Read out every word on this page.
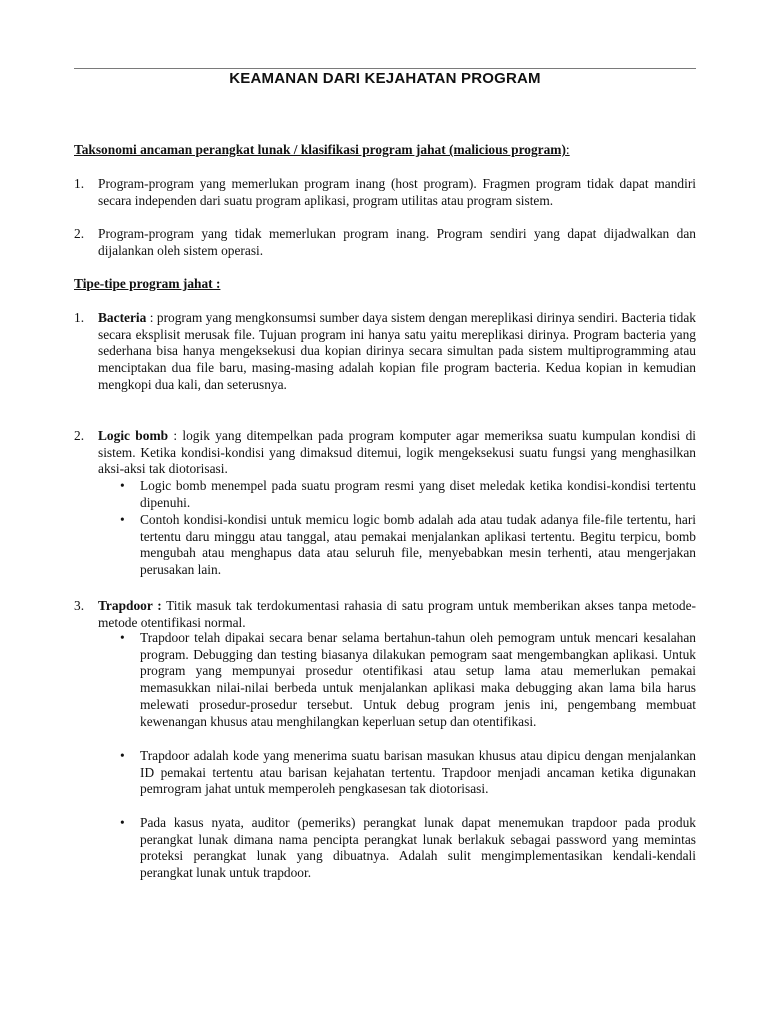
KEAMANAN DARI KEJAHATAN PROGRAM
Taksonomi ancaman perangkat lunak / klasifikasi program jahat (malicious program):
1. Program-program yang memerlukan program inang (host program). Fragmen program tidak dapat mandiri secara independen dari suatu program aplikasi, program utilitas atau program sistem.
2. Program-program yang tidak memerlukan program inang. Program sendiri yang dapat dijadwalkan dan dijalankan oleh sistem operasi.
Tipe-tipe program jahat :
1. Bacteria : program yang mengkonsumsi sumber daya sistem dengan mereplikasi dirinya sendiri. Bacteria tidak secara eksplisit merusak file. Tujuan program ini hanya satu yaitu mereplikasi dirinya. Program bacteria yang sederhana bisa hanya mengeksekusi dua kopian dirinya secara simultan pada sistem multiprogramming atau menciptakan dua file baru, masing-masing adalah kopian file program bacteria. Kedua kopian in kemudian mengkopi dua kali, dan seterusnya.
2. Logic bomb : logik yang ditempelkan pada program komputer agar memeriksa suatu kumpulan kondisi di sistem. Ketika kondisi-kondisi yang dimaksud ditemui, logik mengeksekusi suatu fungsi yang menghasilkan aksi-aksi tak diotorisasi.
• Logic bomb menempel pada suatu program resmi yang diset meledak ketika kondisi-kondisi tertentu dipenuhi.
• Contoh kondisi-kondisi untuk memicu logic bomb adalah ada atau tudak adanya file-file tertentu, hari tertentu daru minggu atau tanggal, atau pemakai menjalankan aplikasi tertentu. Begitu terpicu, bomb mengubah atau menghapus data atau seluruh file, menyebabkan mesin terhenti, atau mengerjakan perusakan lain.
3. Trapdoor : Titik masuk tak terdokumentasi rahasia di satu program untuk memberikan akses tanpa metode-metode otentifikasi normal.
• Trapdoor telah dipakai secara benar selama bertahun-tahun oleh pemogram untuk mencari kesalahan program. Debugging dan testing biasanya dilakukan pemogram saat mengembangkan aplikasi. Untuk program yang mempunyai prosedur otentifikasi atau setup lama atau memerlukan pemakai memasukkan nilai-nilai berbeda untuk menjalankan aplikasi maka debugging akan lama bila harus melewati prosedur-prosedur tersebut. Untuk debug program jenis ini, pengembang membuat kewenangan khusus atau menghilangkan keperluan setup dan otentifikasi.
• Trapdoor adalah kode yang menerima suatu barisan masukan khusus atau dipicu dengan menjalankan ID pemakai tertentu atau barisan kejahatan tertentu. Trapdoor menjadi ancaman ketika digunakan pemrogram jahat untuk memperoleh pengkasesan tak diotorisasi.
• Pada kasus nyata, auditor (pemeriks) perangkat lunak dapat menemukan trapdoor pada produk perangkat lunak dimana nama pencipta perangkat lunak berlakuk sebagai password yang memintas proteksi perangkat lunak yang dibuatnya. Adalah sulit mengimplementasikan kendali-kendali perangkat lunak untuk trapdoor.
